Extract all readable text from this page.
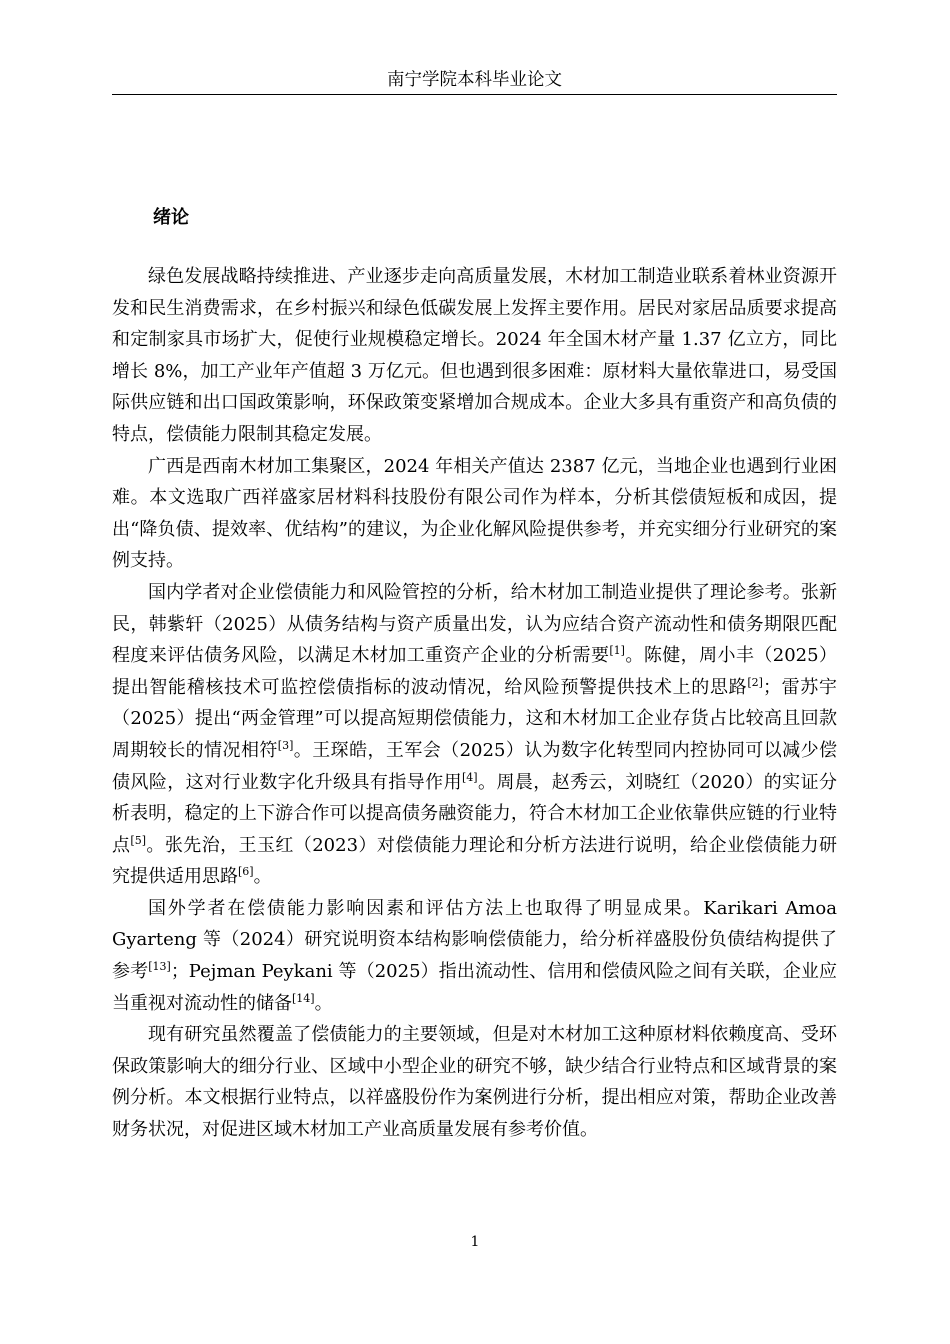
南宁学院本科毕业论文
绪论

绿色发展战略持续推进、产业逐步走向高质量发展，木材加工制造业联系着林业资源开发和民生消费需求，在乡村振兴和绿色低碳发展上发挥主要作用。居民对家居品质要求提高和定制家具市场扩大，促使行业规模稳定增长。2024 年全国木材产量 1.37 亿立方，同比增长 8%，加工产业年产值超 3 万亿元。但也遇到很多困难：原材料大量依靠进口，易受国际供应链和出口国政策影响，环保政策变紧增加合规成本。企业大多具有重资产和高负债的特点，偿债能力限制其稳定发展。

广西是西南木材加工集聚区，2024 年相关产值达 2387 亿元，当地企业也遇到行业困难。本文选取广西祥盛家居材料科技股份有限公司作为样本，分析其偿债短板和成因，提出“降负债、提效率、优结构”的建议，为企业化解风险提供参考，并充实细分行业研究的案例支持。

国内学者对企业偿债能力和风险管控的分析，给木材加工制造业提供了理论参考。张新民，韩紫轩（2025）从债务结构与资产质量出发，认为应结合资产流动性和债务期限匹配程度来评估债务风险，以满足木材加工重资产企业的分析需要[1]。陈健，周小丰（2025）提出智能稽核技术可监控偿债指标的波动情况，给风险预警提供技术上的思路[2]；雷苏宇（2025）提出“两金管理”可以提高短期偿债能力，这和木材加工企业存货占比较高且回款周期较长的情况相符[3]。王琛皓，王军会（2025）认为数字化转型同内控协同可以减少偿债风险，这对行业数字化升级具有指导作用[4]。周晨，赵秀云，刘晓红（2020）的实证分析表明，稳定的上下游合作可以提高债务融资能力，符合木材加工企业依靠供应链的行业特点[5]。张先治，王玉红（2023）对偿债能力理论和分析方法进行说明，给企业偿债能力研究提供适用思路[6]。

国外学者在偿债能力影响因素和评估方法上也取得了明显成果。Karikari Amoa Gyarteng 等（2024）研究说明资本结构影响偿债能力，给分析祥盛股份负债结构提供了参考[13]；Pejman Peykani 等（2025）指出流动性、信用和偿债风险之间有关联，企业应当重视对流动性的储备[14]。

现有研究虽然覆盖了偿债能力的主要领域，但是对木材加工这种原材料依赖度高、受环保政策影响大的细分行业、区域中小型企业的研究不够，缺少结合行业特点和区域背景的案例分析。本文根据行业特点，以祥盛股份作为案例进行分析，提出相应对策，帮助企业改善财务状况，对促进区域木材加工产业高质量发展有参考价值。

1
